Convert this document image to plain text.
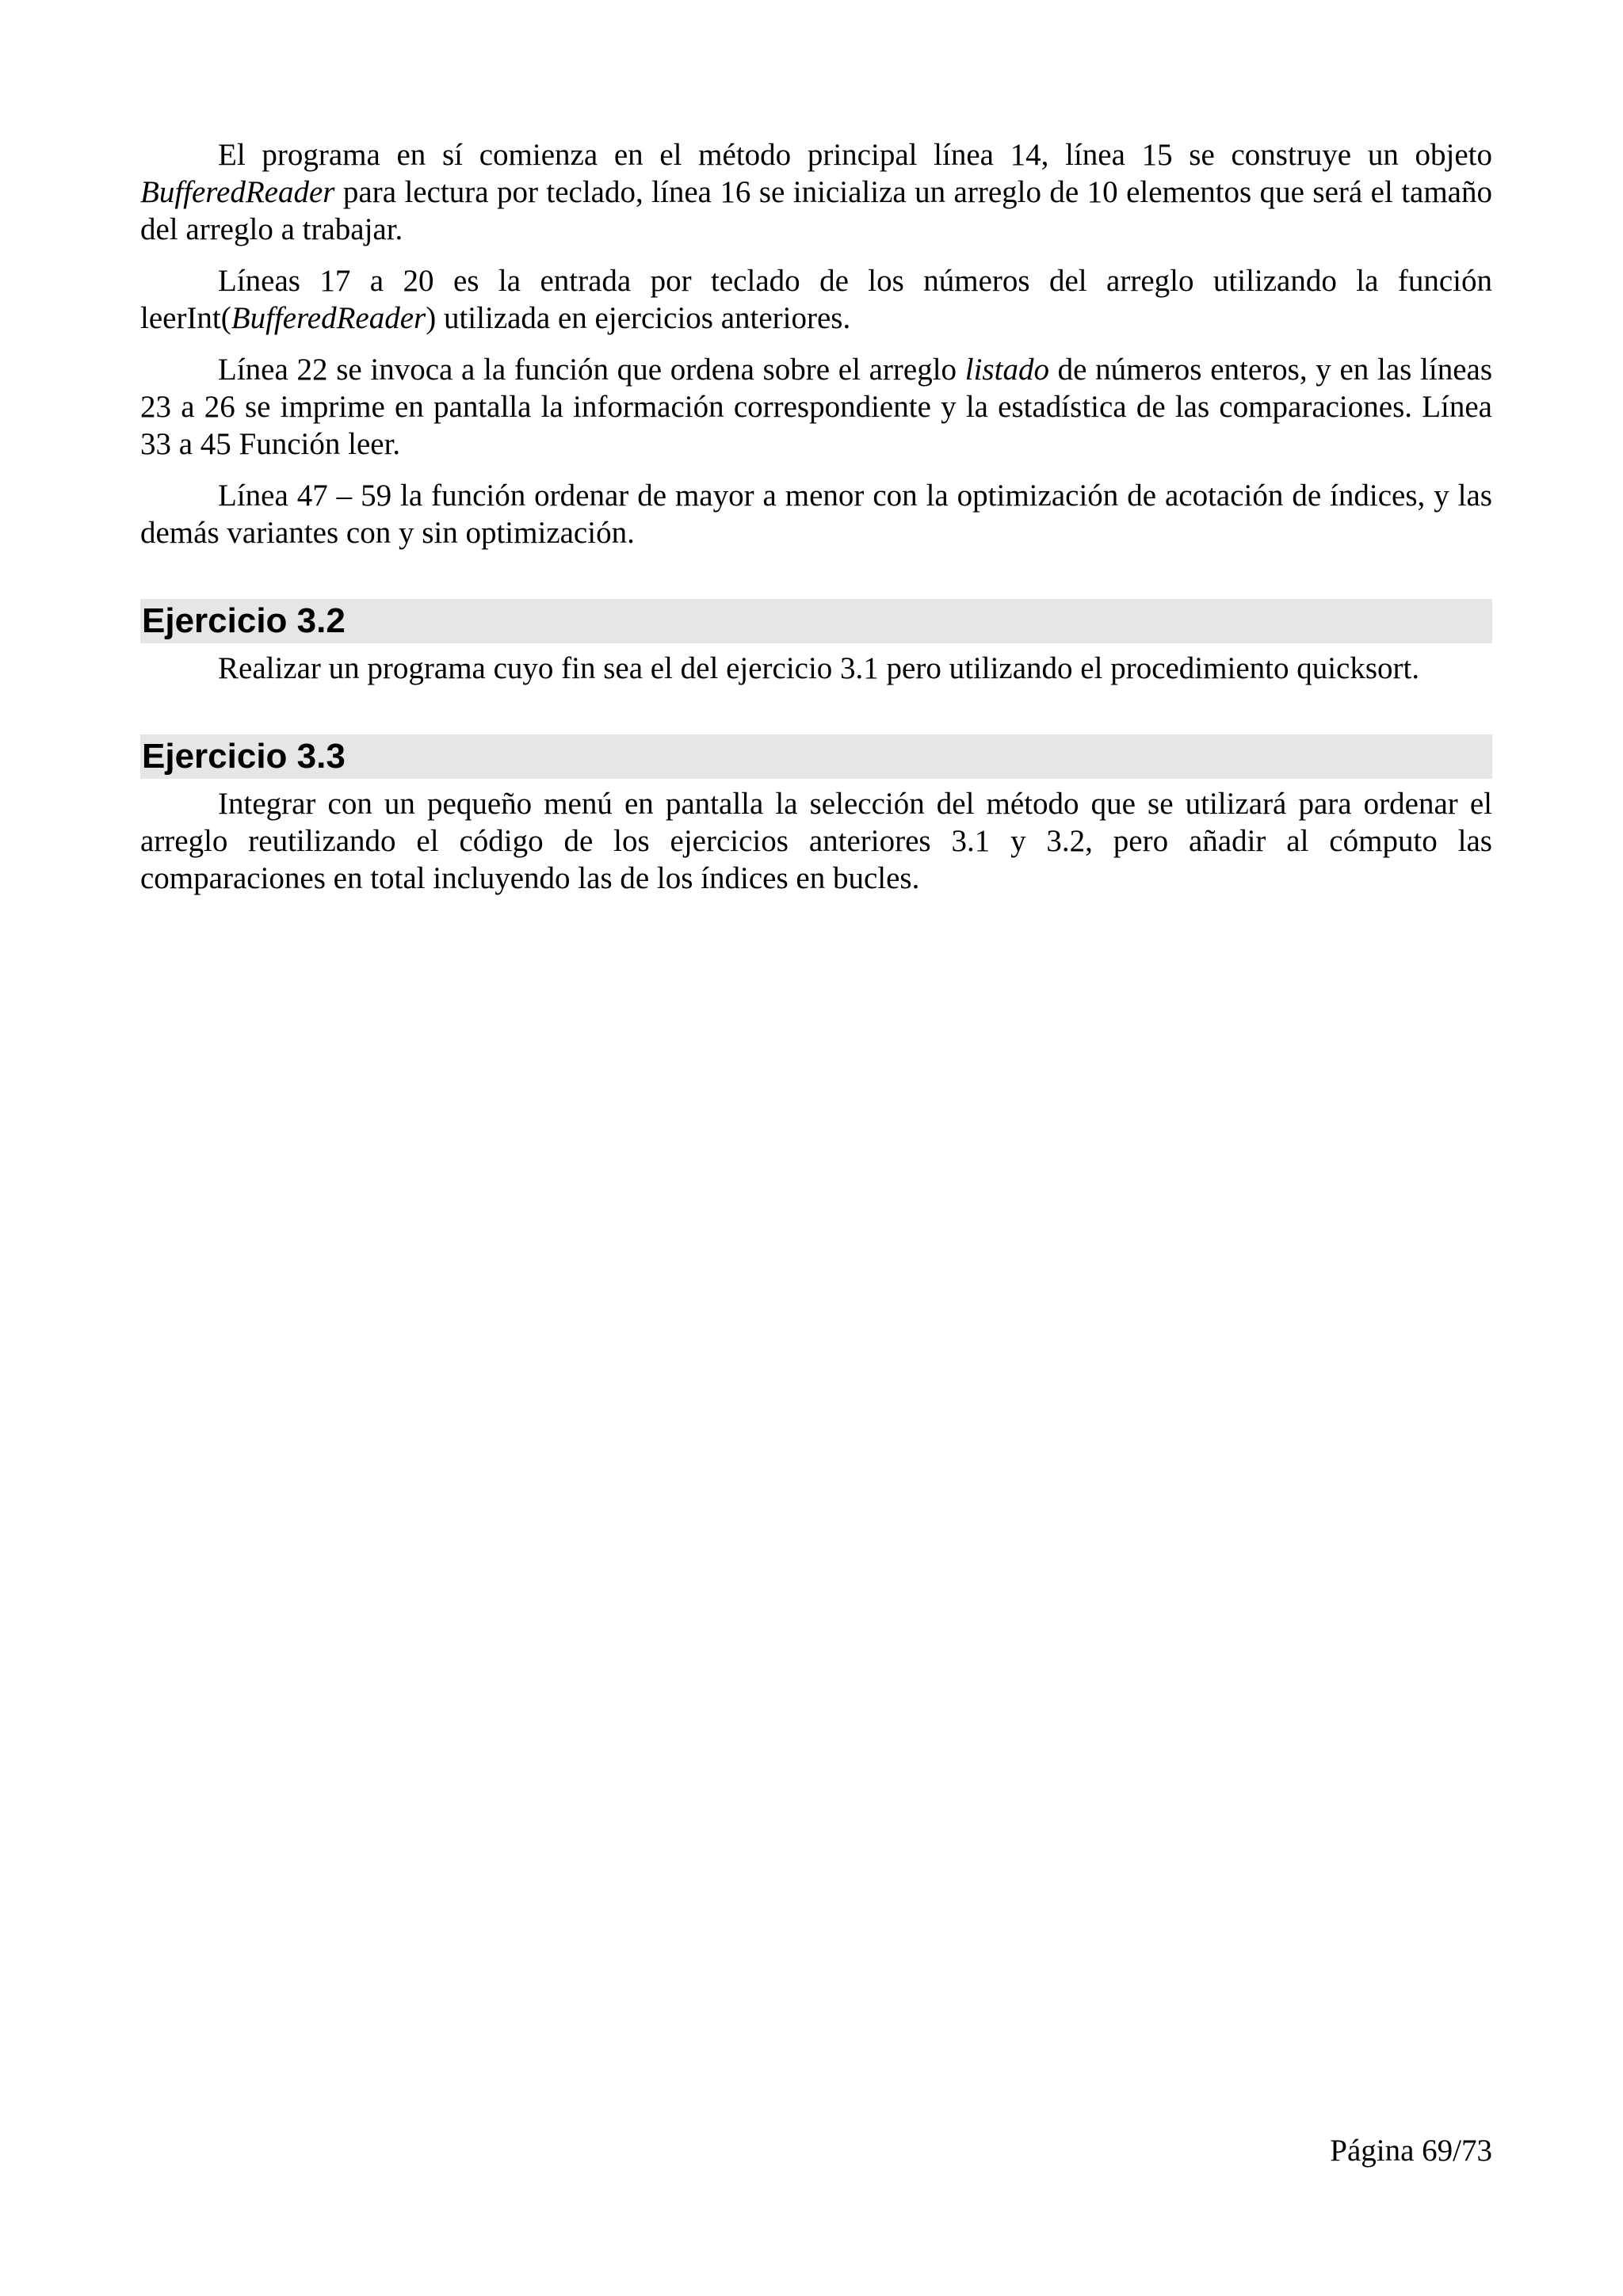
El programa en sí comienza en el método principal línea 14, línea 15 se construye un objeto BufferedReader para lectura por teclado, línea 16 se inicializa un arreglo de 10 elementos que será el tamaño del arreglo a trabajar.

Líneas 17 a 20 es la entrada por teclado de los números del arreglo utilizando la función leerInt(BufferedReader) utilizada en ejercicios anteriores.

Línea 22 se invoca a la función que ordena sobre el arreglo listado de números enteros, y en las líneas 23 a 26 se imprime en pantalla la información correspondiente y la estadística de las comparaciones. Línea 33 a 45 Función leer.

Línea 47 – 59 la función ordenar de mayor a menor con la optimización de acotación de índices, y las demás variantes con y sin optimización.

Ejercicio 3.2

Realizar un programa cuyo fin sea el del ejercicio 3.1 pero utilizando el procedimiento quicksort.

Ejercicio 3.3

Integrar con un pequeño menú en pantalla la selección del método que se utilizará para ordenar el arreglo reutilizando el código de los ejercicios anteriores 3.1 y 3.2, pero añadir al cómputo las comparaciones en total incluyendo las de los índices en bucles.

Página 69/73
